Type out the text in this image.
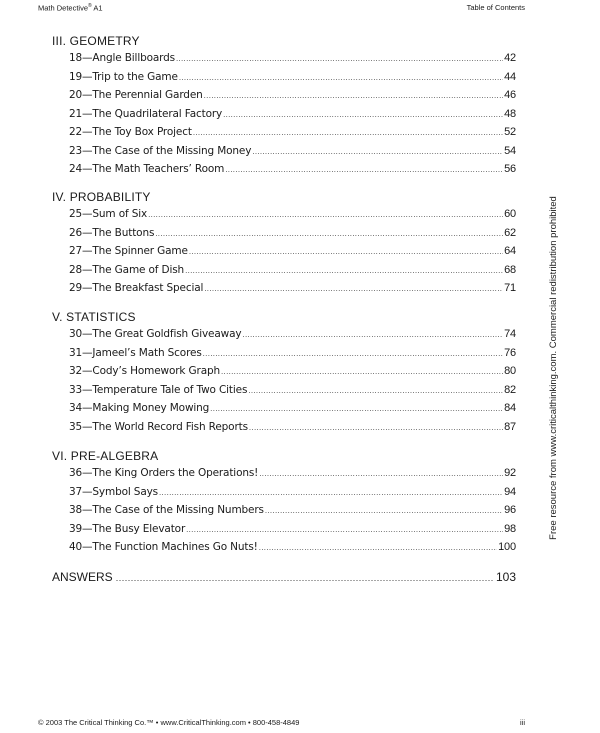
Math Detective® A1	Table of Contents
III. GEOMETRY
18—Angle Billboards .....	42
19—Trip to the Game .....	44
20—The Perennial Garden .....	46
21—The Quadrilateral Factory .....	48
22—The Toy Box Project .....	52
23—The Case of the Missing Money .....	54
24—The Math Teachers’ Room .....	56
IV. PROBABILITY
25—Sum of Six .....	60
26—The Buttons .....	62
27—The Spinner Game .....	64
28—The Game of Dish .....	68
29—The Breakfast Special .....	71
V. STATISTICS
30—The Great Goldfish Giveaway .....	74
31—Jameel’s Math Scores .....	76
32—Cody’s Homework Graph .....	80
33—Temperature Tale of Two Cities .....	82
34—Making Money Mowing .....	84
35—The World Record Fish Reports .....	87
VI. PRE-ALGEBRA
36—The King Orders the Operations! .....	92
37—Symbol Says .....	94
38—The Case of the Missing Numbers .....	96
39—The Busy Elevator .....	98
40—The Function Machines Go Nuts! .....	100
ANSWERS .....	103
Free resource from www.criticalthinking.com. Commercial redistribution prohibited
© 2003 The Critical Thinking Co.™ • www.CriticalThinking.com • 800-458-4849	iii
